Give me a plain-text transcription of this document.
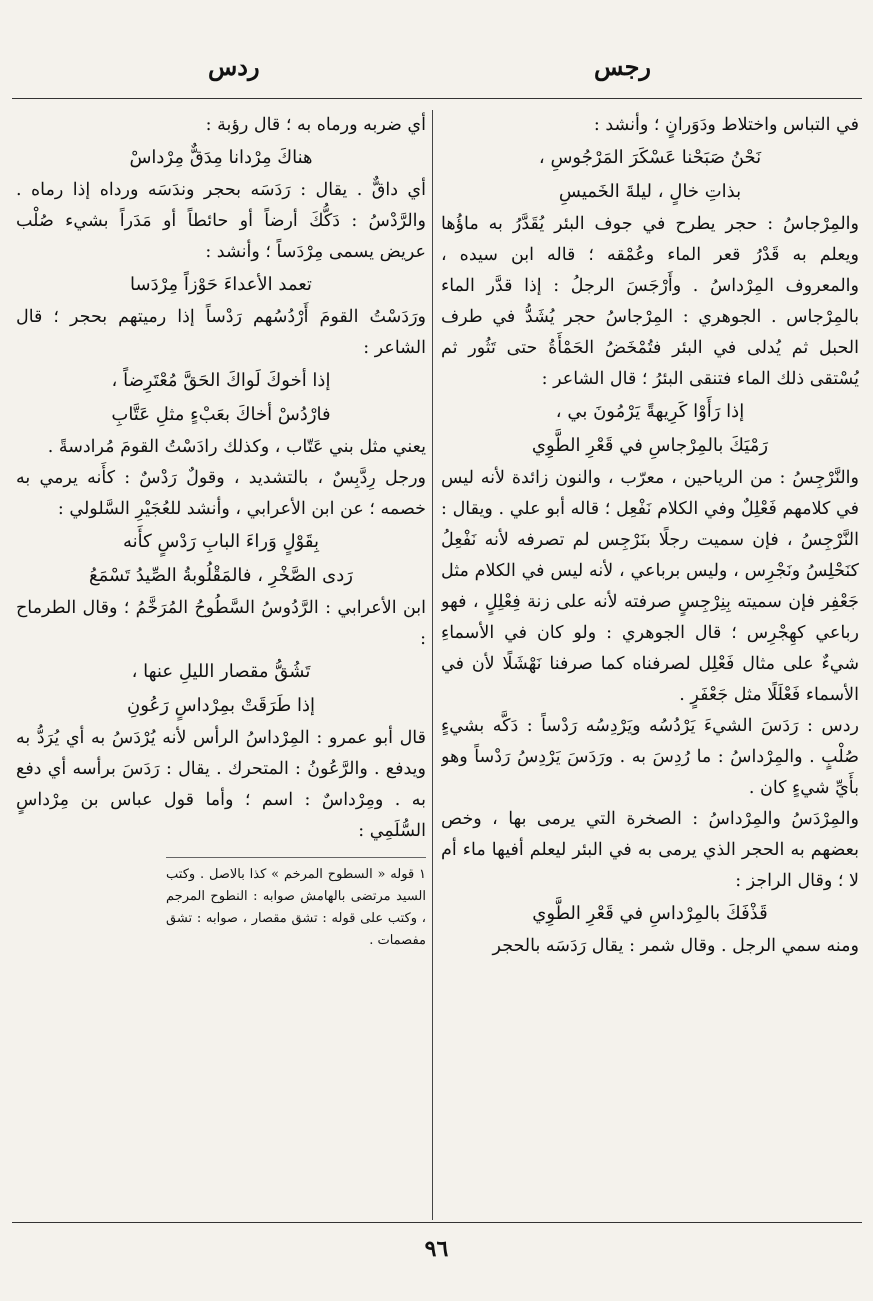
رجس
ردس

في التباس واختلاط ودَوَرانٍ ؛ وأنشد :

نَحْنُ صَبَحْنا عَسْكَرَ المَرْجُوسِ ،

بذاتِ خالٍ ، ليلةَ الخَميسِ

والمِرْجاسُ : حجر يطرح في جوف البئر يُقَدَّرُ به ماؤُها ويعلم به قَدْرُ قعر الماء وعُمْقه ؛ قاله ابن سيده ، والمعروف المِرْداسُ . وأَرْجَسَ الرجلُ : إذا قدَّر الماء بالمِرْجاس . الجوهري : المِرْجاسُ حجر يُشَدُّ في طرف الحبل ثم يُدلى في البئر فتُمْخَضُ الحَمْأَةُ حتى تَثُور ثم يُسْتقى ذلك الماء فتنقى البئرُ ؛ قال الشاعر :

إذا رَأَوْا كَرِيهةً يَرْمُونَ بي ،

رَمْيَكَ بالمِرْجاسِ في قَعْرِ الطَّوِي

والنَّرْجِسُ : من الرياحين ، معرّب ، والنون زائدة لأنه ليس في كلامهم فَعْلِلٌ وفي الكلام نَفْعِل ؛ قاله أبو علي . ويقال : النَّرْجِسُ ، فإن سميت رجلًا بنَرْجِس لم تصرفه لأنه نَفْعِلُ كنَحْلِسُ ونَجْرِس ، وليس برباعي ، لأنه ليس في الكلام مثل جَعْفِر فإن سميته بِنِرْجِسٍ صرفته لأنه على زنة فِعْلِلٍ ، فهو رباعي كهِجْرِس ؛ قال الجوهري : ولو كان في الأسماءِ شيءٌ على مثال فَعْلِل لصرفناه كما صرفنا نَهْشَلًا لأن في الأسماء فَعْلَلًا مثل جَعْفَرٍ .

ردس : رَدَسَ الشيءَ يَرْدُسُه ويَرْدِسُه رَدْساً : دَكَّه بشيءٍ صُلْبٍ . والمِرْداسُ : ما رُدِسَ به . ورَدَسَ يَرْدِسُ رَدْساً وهو بأَيِّ شيءٍ كان .

والمِرْدَسُ والمِرْداسُ : الصخرة التي يرمى بها ، وخص بعضهم به الحجر الذي يرمى به في البئر ليعلم أفيها ماء أم لا ؛ وقال الراجز :

قَذْفَكَ بالمِرْداسِ في قَعْرِ الطَّوِي

ومنه سمي الرجل . وقال شمر : يقال رَدَسَه بالحجر

أي ضربه ورماه به ؛ قال رؤبة :

هناكَ مِرْدانا مِدَقٌّ مِرْداسْ

أي داقٌّ . يقال : رَدَسَه بحجر وندَسَه ورداه إذا رماه . والرَّدْسُ : دَكُّكَ أرضاً أو حائطاً أو مَدَراً بشيء صُلْب عريض يسمى مِرْدَساً ؛ وأنشد :

تعمد الأعداءَ حَوْزاً مِرْدَسا

ورَدَسْتُ القومَ أَرْدُسُهم رَدْساً إذا رميتهم بحجر ؛ قال الشاعر :

إذا أخوكَ لَواكَ الحَقَّ مُعْتَرِضاً ،

فارْدُسْ أخاكَ بعَبْءٍ مثلِ عَتَّابِ

يعني مثل بني عَتّاب ، وكذلك رادَسْتُ القومَ مُرادسةً .

ورجل رِدَّبِسٌ ، بالتشديد ، وقولٌ رَدْسٌ : كأَنه يرمي به خصمه ؛ عن ابن الأعرابي ، وأنشد للعُجَيْرِ السَّلولي :

بِقَوْلٍ وَراءَ البابِ رَدْسٍ كأَنه

رَدى الصَّخْرِ ، فالمَقْلُوبةُ الصِّيدُ تَسْمَعُ

ابن الأعرابي : الرَّدُوسُ السَّطُوحُ المُرَخَّمُ ؛ وقال الطرماح :

تَشُقُّ مقصار الليلِ عنها ،

إذا طَرَقَتْ بمِرْداسٍ رَعُونِ

قال أبو عمرو : المِرْداسُ الرأس لأنه يُرْدَسُ به أي يُرَدُّ به ويدفع . والرَّعُونُ : المتحرك . يقال : رَدَسَ برأسه أي دفع به . ومِرْداسٌ : اسم ؛ وأما قول عباس بن مِرْداسٍ السُّلَمِي :

١ قوله « السطوح المرخم » كذا بالاصل . وكتب السيد مرتضى بالهامش صوابه : النطوح المرجم ، وكتب على قوله : تشق مقصار ، صوابه : تشق مفصمات .
٩٦
